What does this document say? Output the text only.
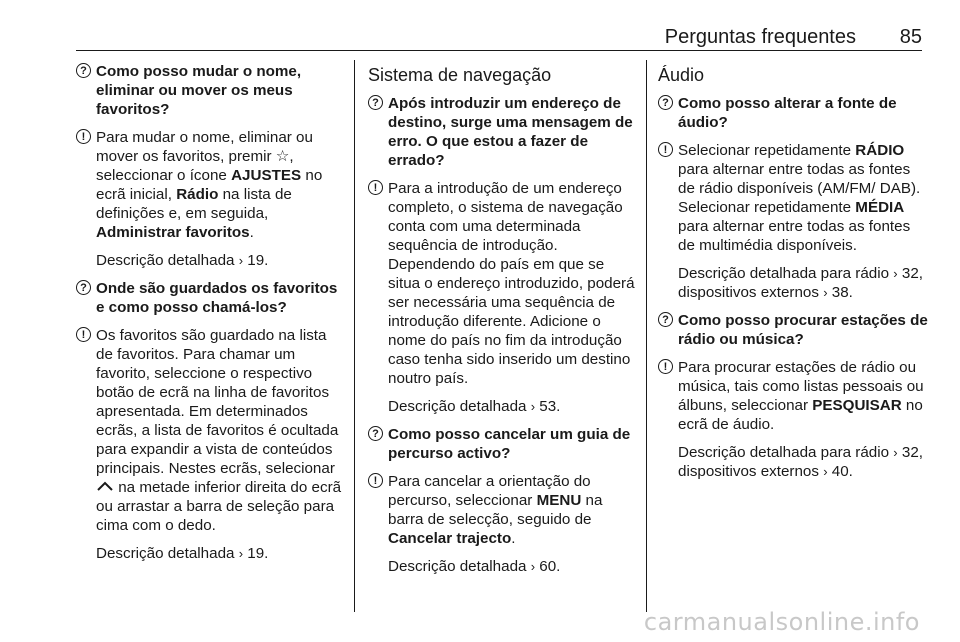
Perguntas frequentes 85
? Como posso mudar o nome, eliminar ou mover os meus favoritos?
! Para mudar o nome, eliminar ou mover os favoritos, premir ☆, seleccionar o ícone AJUSTES no ecrã inicial, Rádio na lista de definições e, em seguida, Administrar favoritos.
Descrição detalhada › 19.
? Onde são guardados os favoritos e como posso chamá-los?
! Os favoritos são guardado na lista de favoritos. Para chamar um favorito, seleccione o respectivo botão de ecrã na linha de favoritos apresentada. Em determinados ecrãs, a lista de favoritos é ocultada para expandir a vista de conteúdos principais. Nestes ecrãs, selecionar  na metade inferior direita do ecrã ou arrastar a barra de seleção para cima com o dedo.
Descrição detalhada › 19.
Sistema de navegação
? Após introduzir um endereço de destino, surge uma mensagem de erro. O que estou a fazer de errado?
! Para a introdução de um endereço completo, o sistema de navegação conta com uma determinada sequência de introdução. Dependendo do país em que se situa o endereço introduzido, poderá ser necessária uma sequência de introdução diferente. Adicione o nome do país no fim da introdução caso tenha sido inserido um destino noutro país.
Descrição detalhada › 53.
? Como posso cancelar um guia de percurso activo?
! Para cancelar a orientação do percurso, seleccionar MENU na barra de selecção, seguido de Cancelar trajecto.
Descrição detalhada › 60.
Áudio
? Como posso alterar a fonte de áudio?
! Selecionar repetidamente RÁDIO para alternar entre todas as fontes de rádio disponíveis (AM/FM/ DAB). Selecionar repetidamente MÉDIA para alternar entre todas as fontes de multimédia disponíveis.
Descrição detalhada para rádio › 32, dispositivos externos › 38.
? Como posso procurar estações de rádio ou música?
! Para procurar estações de rádio ou música, tais como listas pessoais ou álbuns, seleccionar PESQUISAR no ecrã de áudio.
Descrição detalhada para rádio › 32, dispositivos externos › 40.
carmanualsonline.info
